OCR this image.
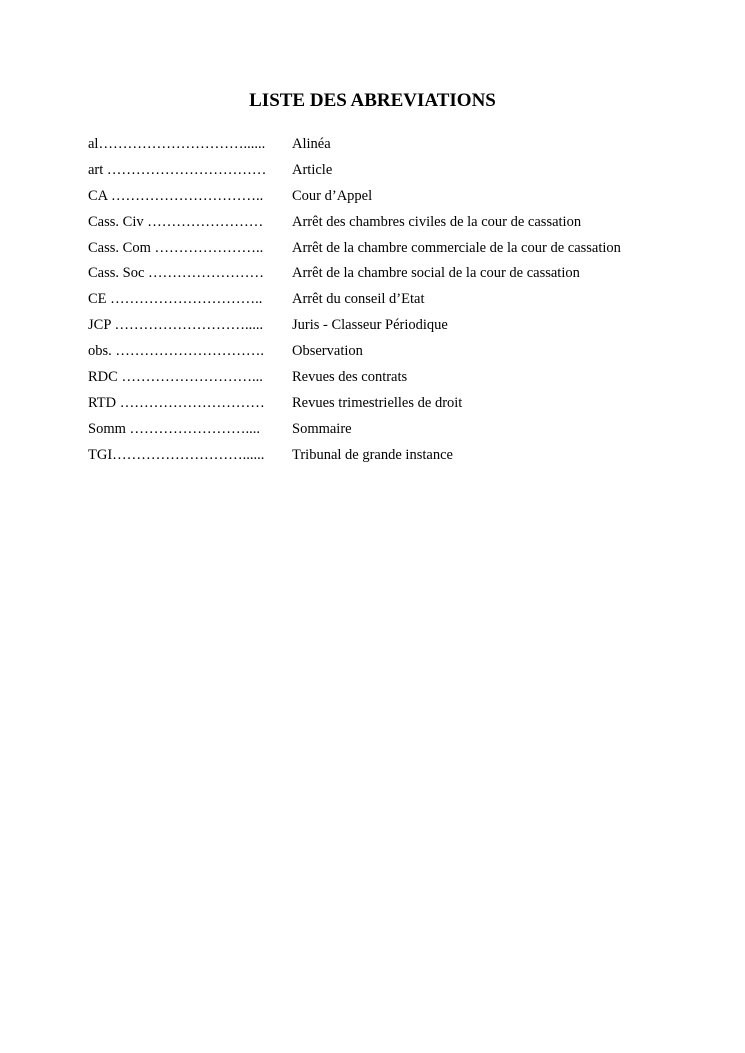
LISTE DES ABREVIATIONS
al…………………………...... Alinéa
art …………………………… Article
CA ………………………….. Cour d’Appel
Cass. Civ …………………… Arrêt des chambres civiles de la cour de cassation
Cass. Com ………………….. Arrêt de la chambre commerciale de la cour de cassation
Cass. Soc …………………… Arrêt de la chambre social de la cour de cassation
CE ………………………….. Arrêt du conseil d’Etat
JCP ………………………..... Juris - Classeur Périodique
obs. …………………………. Observation
RDC ………………………... Revues des contrats
RTD ………………………… Revues trimestrielles de droit
Somm …………………….... Sommaire
TGI………………………...... Tribunal de grande instance
